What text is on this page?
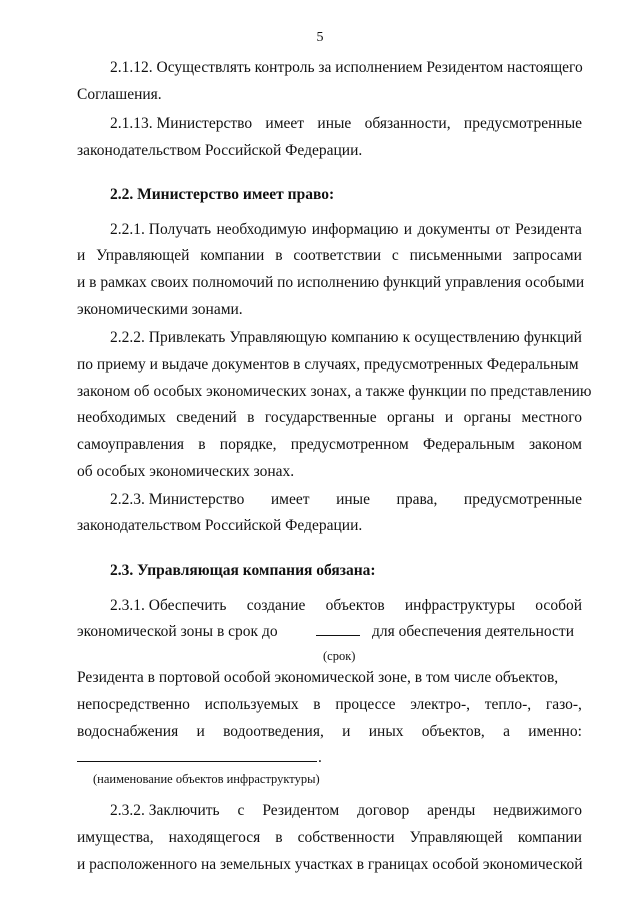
5
2.1.12. Осуществлять контроль за исполнением Резидентом настоящего
Соглашения.
2.1.13. Министерство имеет иные обязанности, предусмотренные
законодательством Российской Федерации.
2.2. Министерство имеет право:
2.2.1. Получать необходимую информацию и документы от Резидента
и Управляющей компании в соответствии с письменными запросами
и в рамках своих полномочий по исполнению функций управления особыми
экономическими зонами.
2.2.2. Привлекать Управляющую компанию к осуществлению функций
по приему и выдаче документов в случаях, предусмотренных Федеральным
законом об особых экономических зонах, а также функции по представлению
необходимых сведений в государственные органы и органы местного
самоуправления в порядке, предусмотренном Федеральным законом
об особых экономических зонах.
2.2.3. Министерство имеет иные права, предусмотренные
законодательством Российской Федерации.
2.3. Управляющая компания обязана:
2.3.1. Обеспечить создание объектов инфраструктуры особой
экономической зоны в срок до	для обеспечения деятельности
(срок)
Резидента в портовой особой экономической зоне, в том числе объектов,
непосредственно используемых в процессе электро-, тепло-, газо-,
водоснабжения и водоотведения, и иных объектов, а именно:
.
(наименование объектов инфраструктуры)
2.3.2. Заключить с Резидентом договор аренды недвижимого
имущества, находящегося в собственности Управляющей компании
и расположенного на земельных участках в границах особой экономической
